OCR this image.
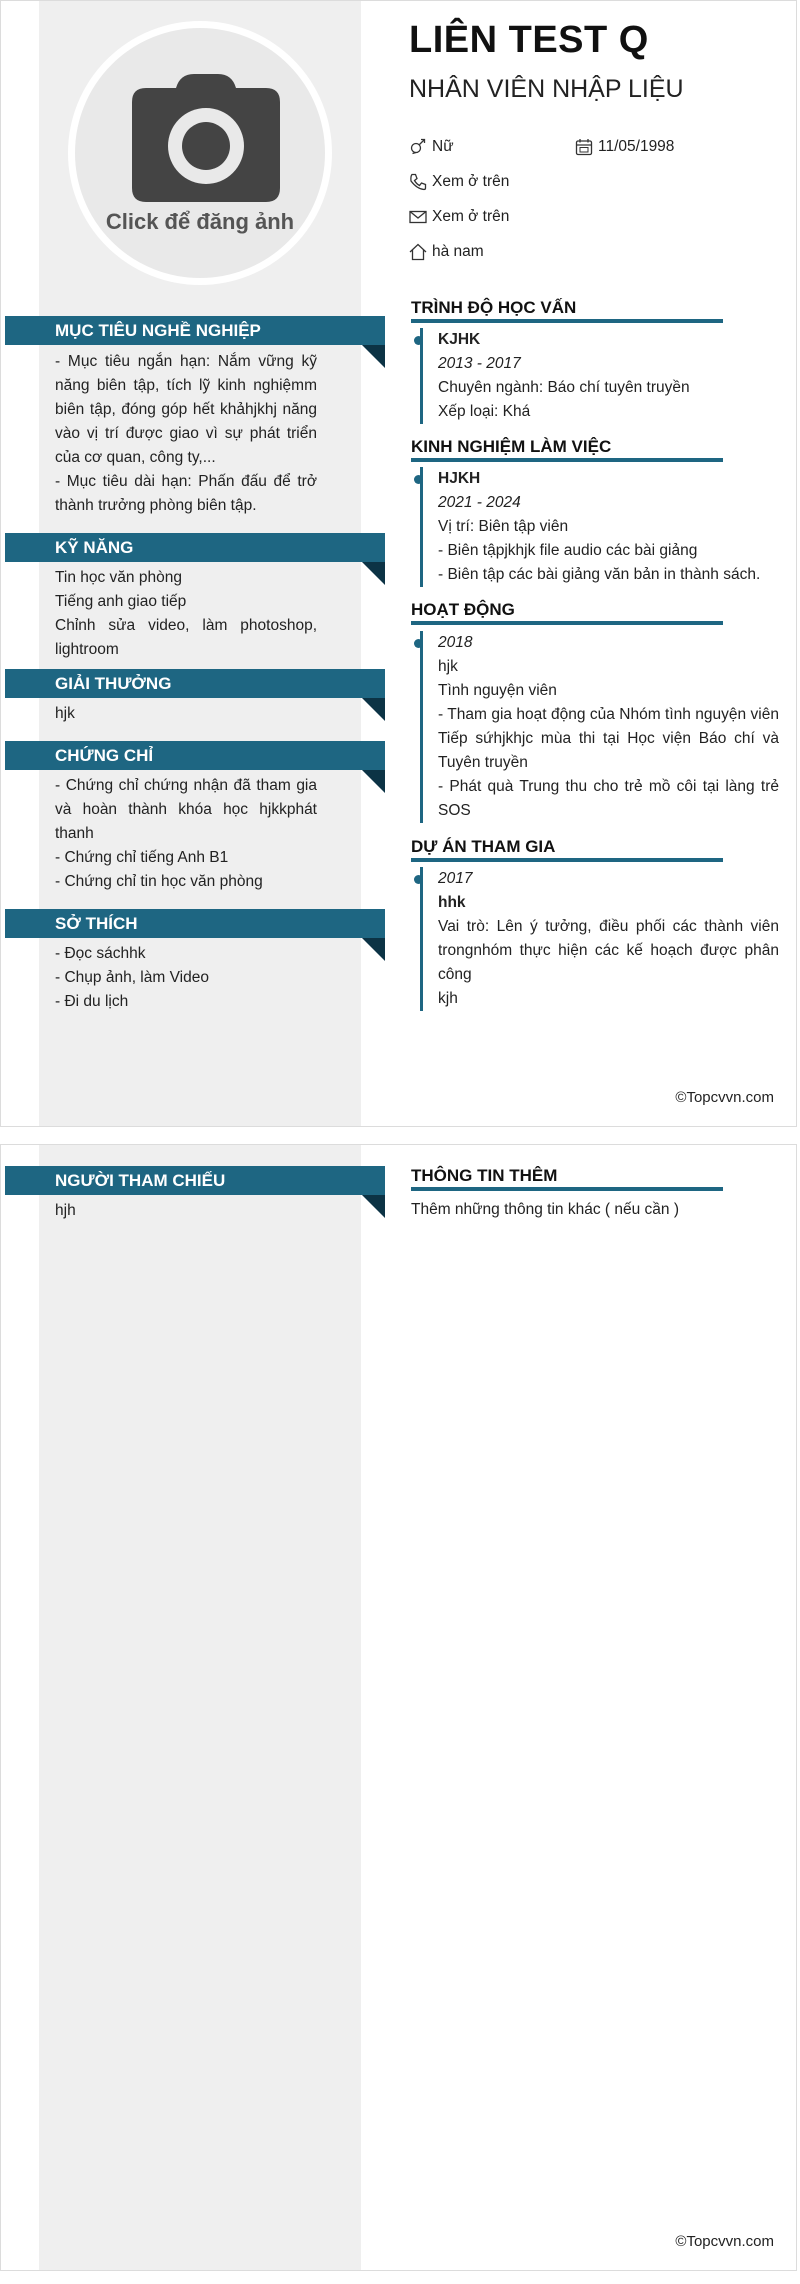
Click để đăng ảnh
LIÊN TEST Q
NHÂN VIÊN NHẬP LIỆU
Nữ	11/05/1998
Xem ở trên
Xem ở trên
hà nam
MỤC TIÊU NGHỀ NGHIỆP
- Mục tiêu ngắn hạn: Nắm vững kỹ năng biên tập, tích lỹ kinh nghiệmm biên tập, đóng góp hết khảhjkhj năng vào vị trí được giao vì sự phát triển của cơ quan, công ty,...
- Mục tiêu dài hạn: Phấn đấu để trở thành trưởng phòng biên tập.
KỸ NĂNG
Tin học văn phòng
Tiếng anh giao tiếp
Chỉnh sửa video, làm photoshop, lightroom
GIẢI THƯỞNG
hjk
CHỨNG CHỈ
- Chứng chỉ chứng nhận đã tham gia và hoàn thành khóa học hjkkphát thanh
- Chứng chỉ tiếng Anh B1
- Chứng chỉ tin học văn phòng
SỞ THÍCH
- Đọc sáchhk
- Chụp ảnh, làm Video
- Đi du lịch
TRÌNH ĐỘ HỌC VẤN
KJHK
2013 - 2017
Chuyên ngành: Báo chí tuyên truyền
Xếp loại: Khá
KINH NGHIỆM LÀM VIỆC
HJKH
2021 - 2024
Vị trí: Biên tập viên
- Biên tậpjkhjk file audio các bài giảng
- Biên tập các bài giảng văn bản in thành sách.
HOẠT ĐỘNG
2018
hjk
Tình nguyện viên
- Tham gia hoạt động của Nhóm tình nguyện viên Tiếp sứhjkhjc mùa thi tại Học viện Báo chí và Tuyên truyền
- Phát quà Trung thu cho trẻ mồ côi tại làng trẻ SOS
DỰ ÁN THAM GIA
2017
hhk
Vai trò: Lên ý tưởng, điều phối các thành viên trongnhóm thực hiện các kế hoạch được phân công
kjh
©Topcvvn.com
NGƯỜI THAM CHIẾU
hjh
THÔNG TIN THÊM
Thêm những thông tin khác ( nếu cần )
©Topcvvn.com
